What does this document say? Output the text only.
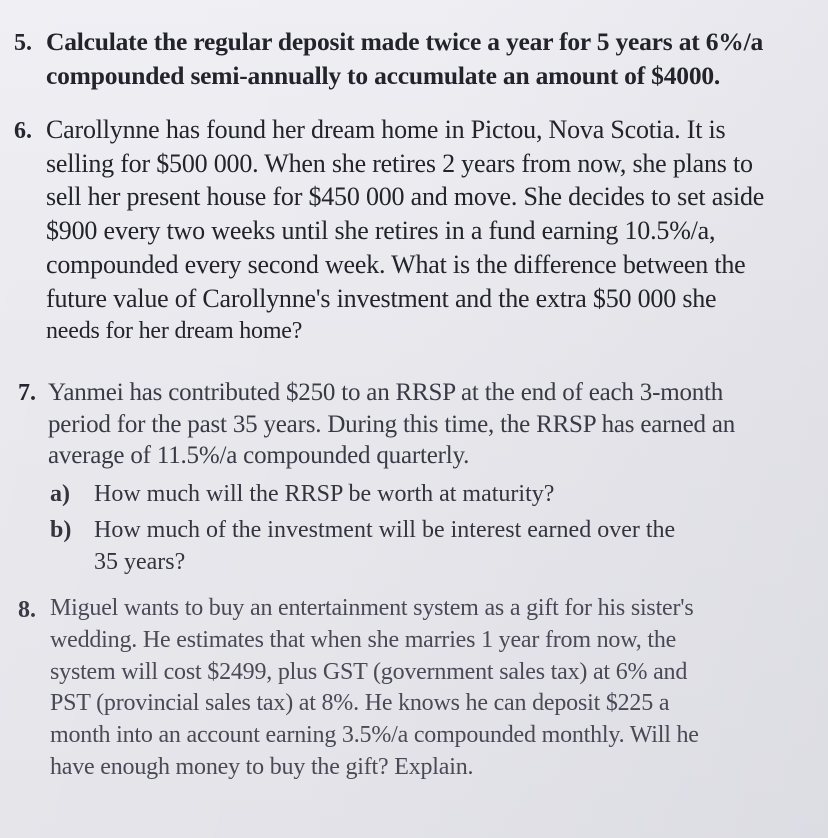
5. Calculate the regular deposit made twice a year for 5 years at 6%/a
compounded semi-annually to accumulate an amount of $4000.
6. Carollynne has found her dream home in Pictou, Nova Scotia. It is
selling for $500 000. When she retires 2 years from now, she plans to
sell her present house for $450 000 and move. She decides to set aside
$900 every two weeks until she retires in a fund earning 10.5%/a,
compounded every second week. What is the difference between the
future value of Carollynne's investment and the extra $50 000 she
needs for her dream home?
7. Yanmei has contributed $250 to an RRSP at the end of each 3-month
period for the past 35 years. During this time, the RRSP has earned an
average of 11.5%/a compounded quarterly.
a) How much will the RRSP be worth at maturity?
b) How much of the investment will be interest earned over the
35 years?
8. Miguel wants to buy an entertainment system as a gift for his sister's
wedding. He estimates that when she marries 1 year from now, the
system will cost $2499, plus GST (government sales tax) at 6% and
PST (provincial sales tax) at 8%. He knows he can deposit $225 a
month into an account earning 3.5%/a compounded monthly. Will he
have enough money to buy the gift? Explain.
